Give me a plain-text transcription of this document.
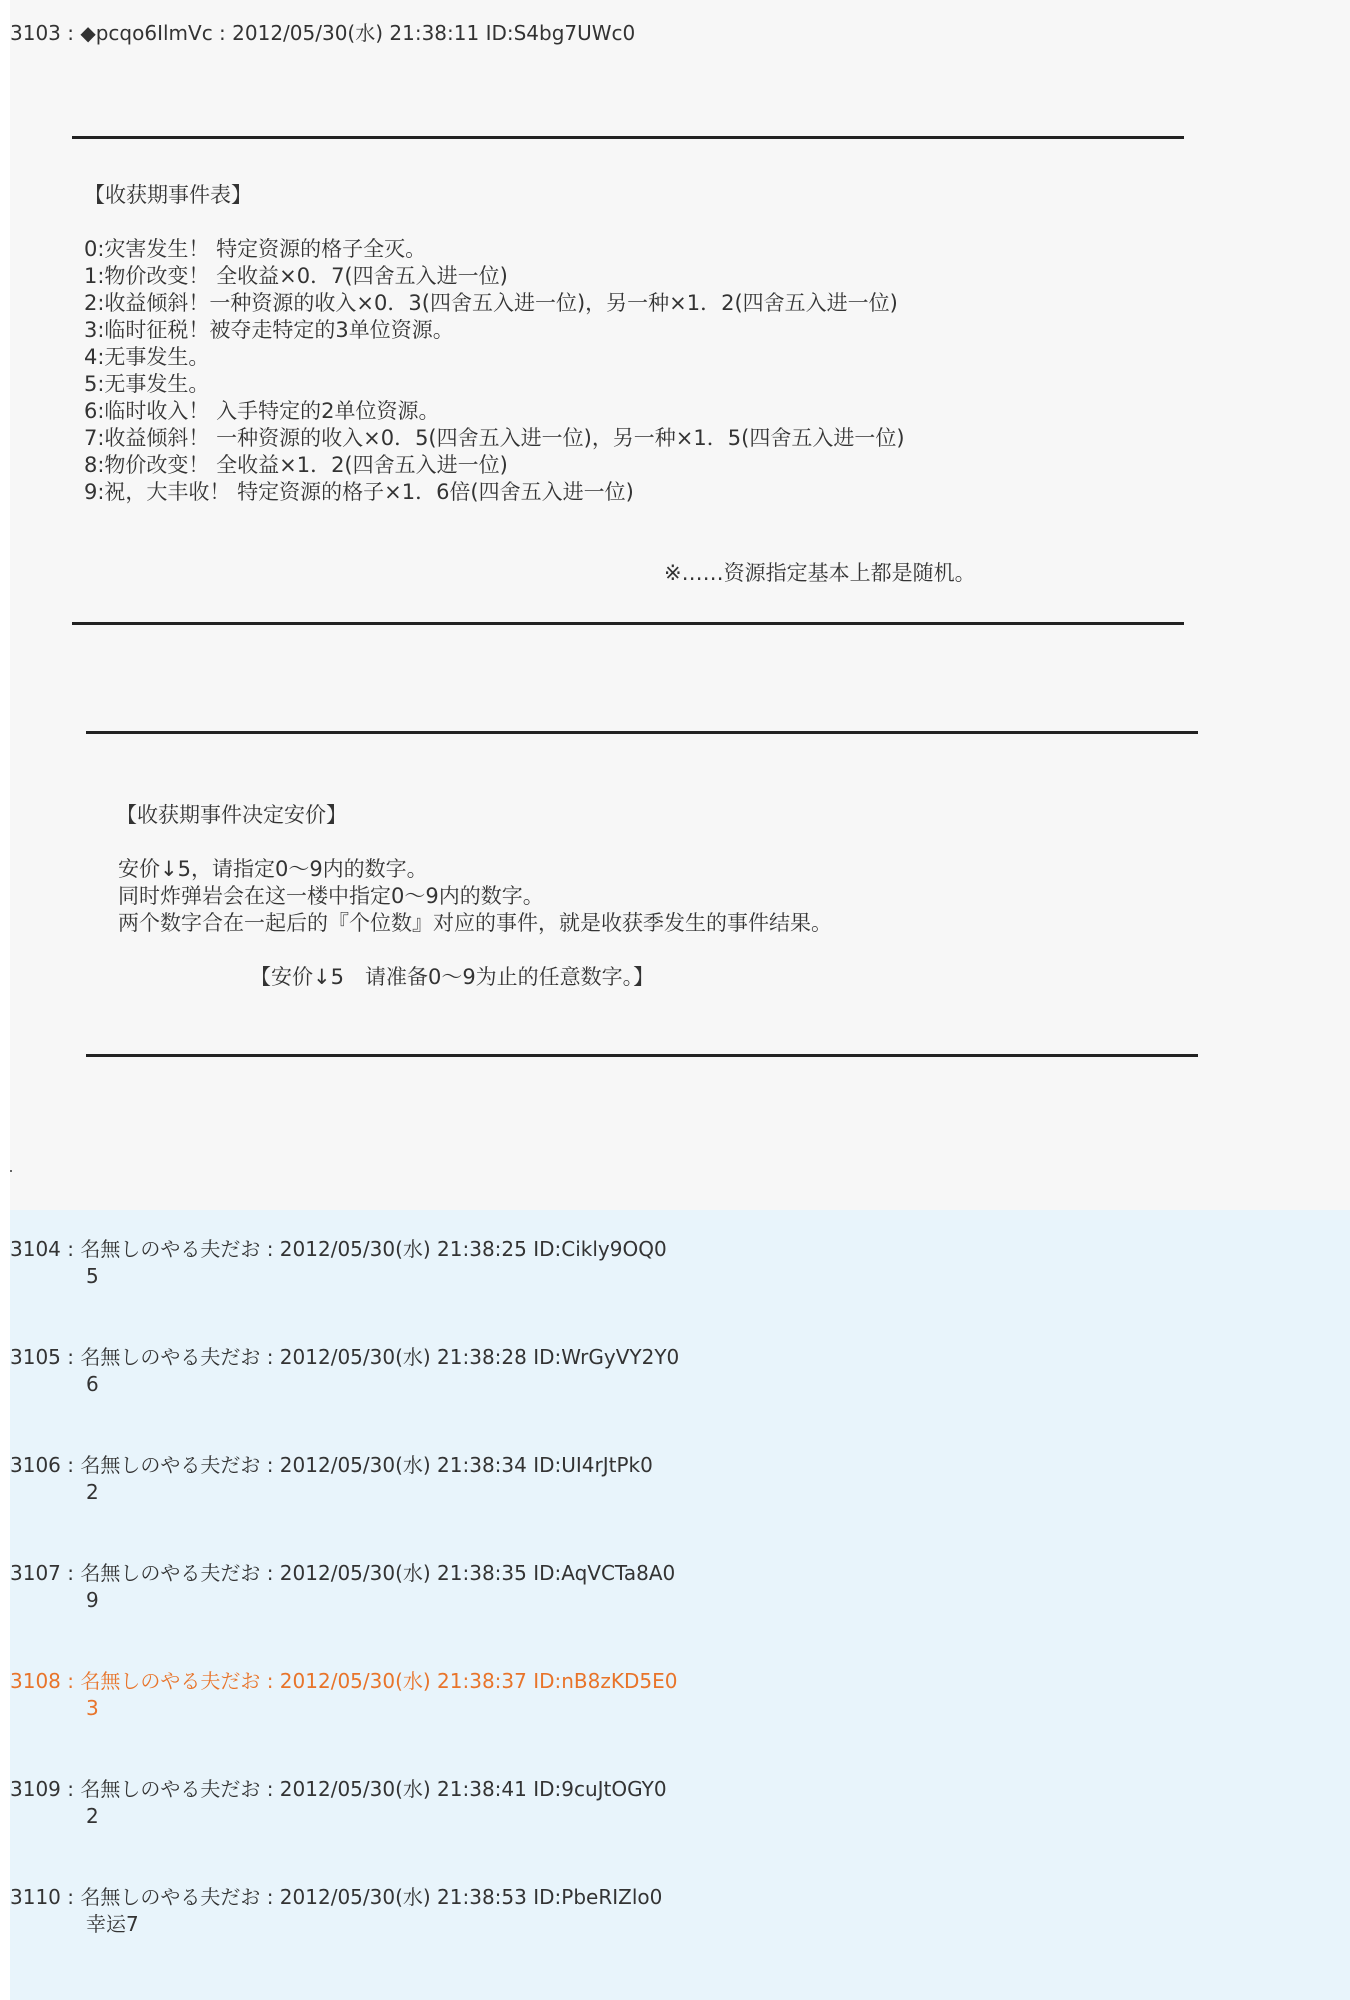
3103 : ◆pcqo6IlmVc : 2012/05/30(水) 21:38:11 ID:S4bg7UWc0
【收获期事件表】
0:灾害发生！ 特定资源的格子全灭。
1:物价改变！ 全收益×0．7(四舍五入进一位)
2:收益倾斜！一种资源的收入×0．3(四舍五入进一位)，另一种×1．2(四舍五入进一位)
3:临时征税！被夺走特定的3单位资源。
4:无事发生。
5:无事发生。
6:临时收入！ 入手特定的2单位资源。
7:收益倾斜！ 一种资源的收入×0．5(四舍五入进一位)，另一种×1．5(四舍五入进一位)
8:物价改变！ 全收益×1．2(四舍五入进一位)
9:祝，大丰收！ 特定资源的格子×1．6倍(四舍五入进一位)
※……资源指定基本上都是随机。
【收获期事件决定安价】
安价↓5，请指定0～9内的数字。
同时炸弹岩会在这一楼中指定0～9内的数字。
两个数字合在一起后的『个位数』对应的事件，就是收获季发生的事件结果。
【安价↓5　请准备0～9为止的任意数字。】
3104 : 名無しのやる夫だお : 2012/05/30(水) 21:38:25 ID:Cikly9OQ0
5
3105 : 名無しのやる夫だお : 2012/05/30(水) 21:38:28 ID:WrGyVY2Y0
6
3106 : 名無しのやる夫だお : 2012/05/30(水) 21:38:34 ID:UI4rJtPk0
2
3107 : 名無しのやる夫だお : 2012/05/30(水) 21:38:35 ID:AqVCTa8A0
9
3108 : 名無しのやる夫だお : 2012/05/30(水) 21:38:37 ID:nB8zKD5E0
3
3109 : 名無しのやる夫だお : 2012/05/30(水) 21:38:41 ID:9cuJtOGY0
2
3110 : 名無しのやる夫だお : 2012/05/30(水) 21:38:53 ID:PbeRIZlo0
幸运7
